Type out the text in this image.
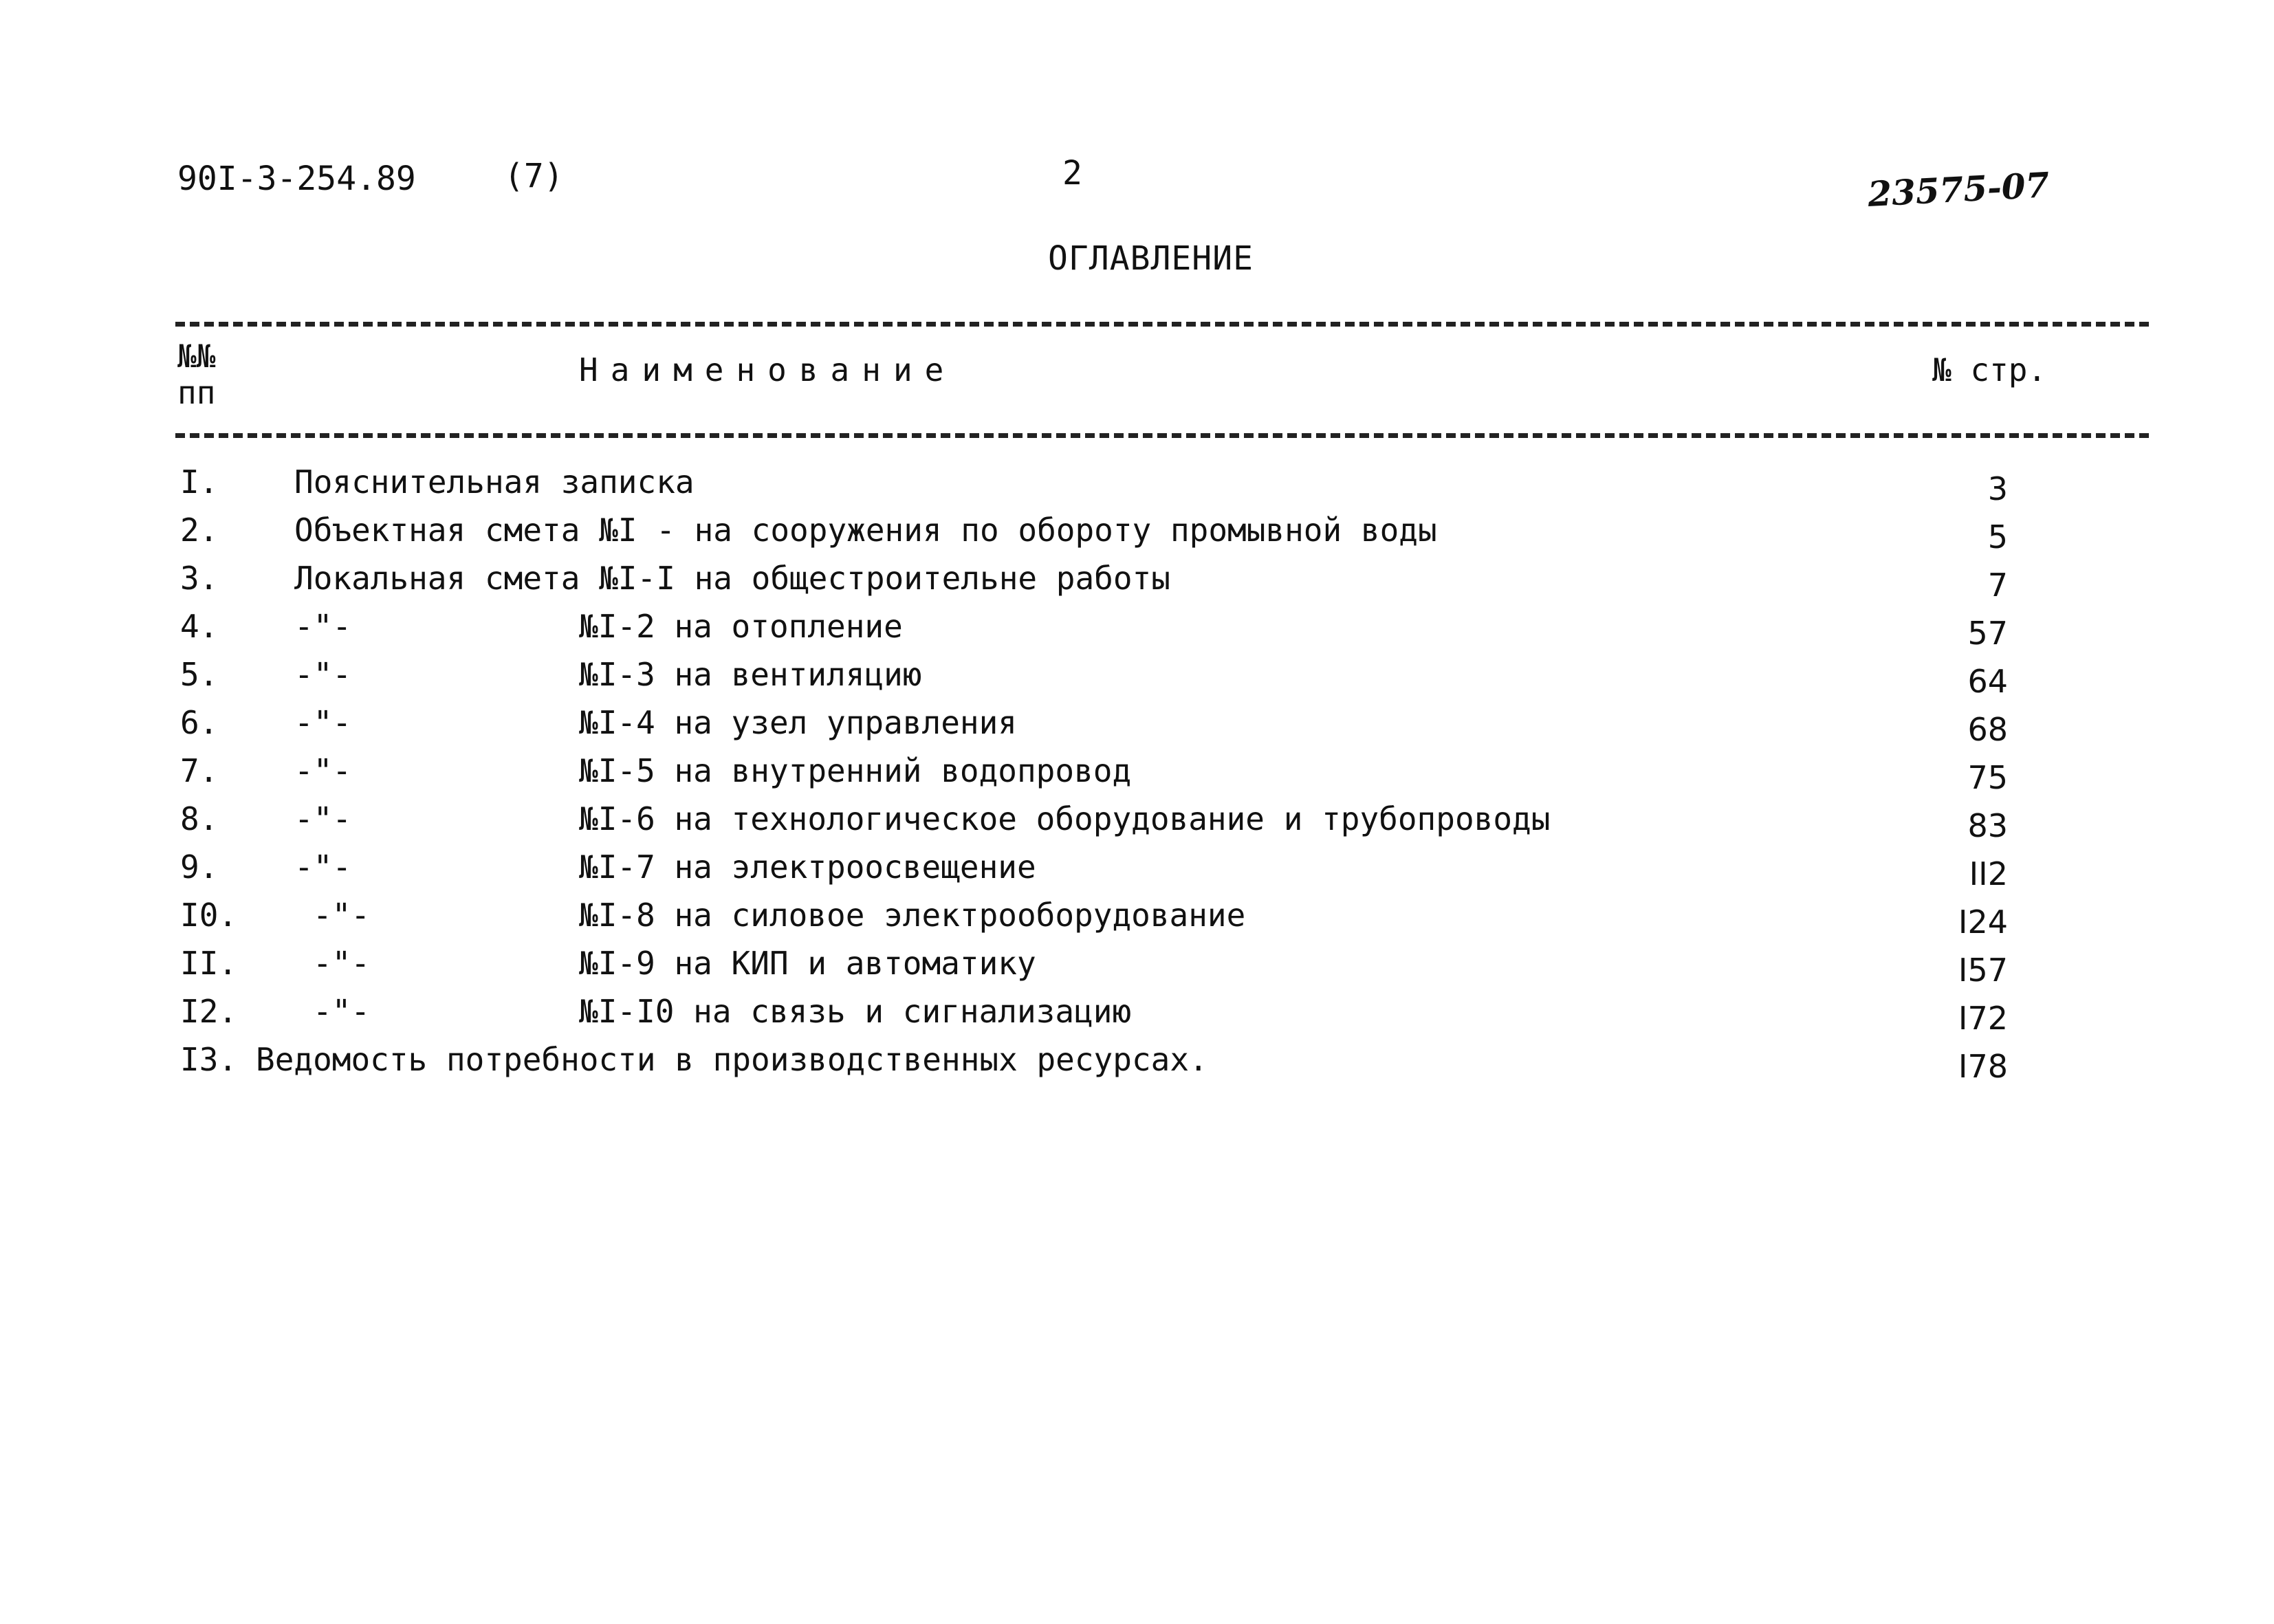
90I-3-254.89	(7)	2	23575-07
ОГЛАВЛЕНИЕ
№№
пп
Наименование	№ стр.
I. Пояснительная записка	3
2. Объектная смета №I - на сооружения по обороту промывной воды	5
3. Локальная смета №I-I на общестроительне работы	7
4. -"-	№I-2 на отопление	57
5. -"-	№I-3 на вентиляцию	64
6. -"-	№I-4 на узел управления	68
7. -"-	№I-5 на внутренний водопровод	75
8. -"-	№I-6 на технологическое оборудование и трубопроводы	83
9. -"-	№I-7 на электроосвещение	II2
I0. -"-	№I-8 на силовое электрооборудование	I24
II. -"-	№I-9 на КИП и автоматику	I57
I2. -"-	№I-I0 на связь и сигнализацию	I72
I3. Ведомость потребности в производственных ресурсах.	I78
